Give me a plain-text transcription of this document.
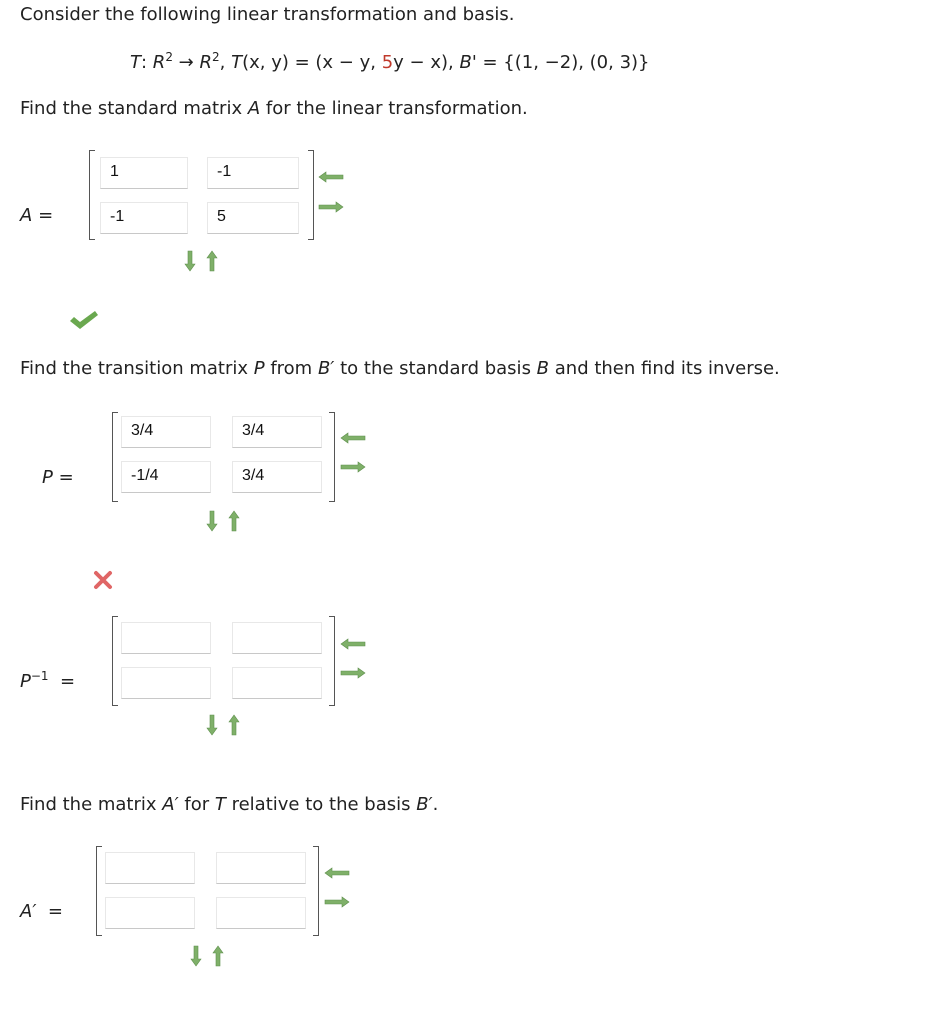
Consider the following linear transformation and basis.
T: $R^2 \to R^2$, T(x, y) = (x − y, 5y − x), B' = {(1, −2), (0, 3)}
Find the standard matrix A for the linear transformation.
A =
1	-1
-1	5
Find the transition matrix P from B′ to the standard basis B and then find its inverse.
P =
3/4	3/4
-1/4	3/4
$P^{-1}$ =
Find the matrix A′ for T relative to the basis B′.
A′ =
